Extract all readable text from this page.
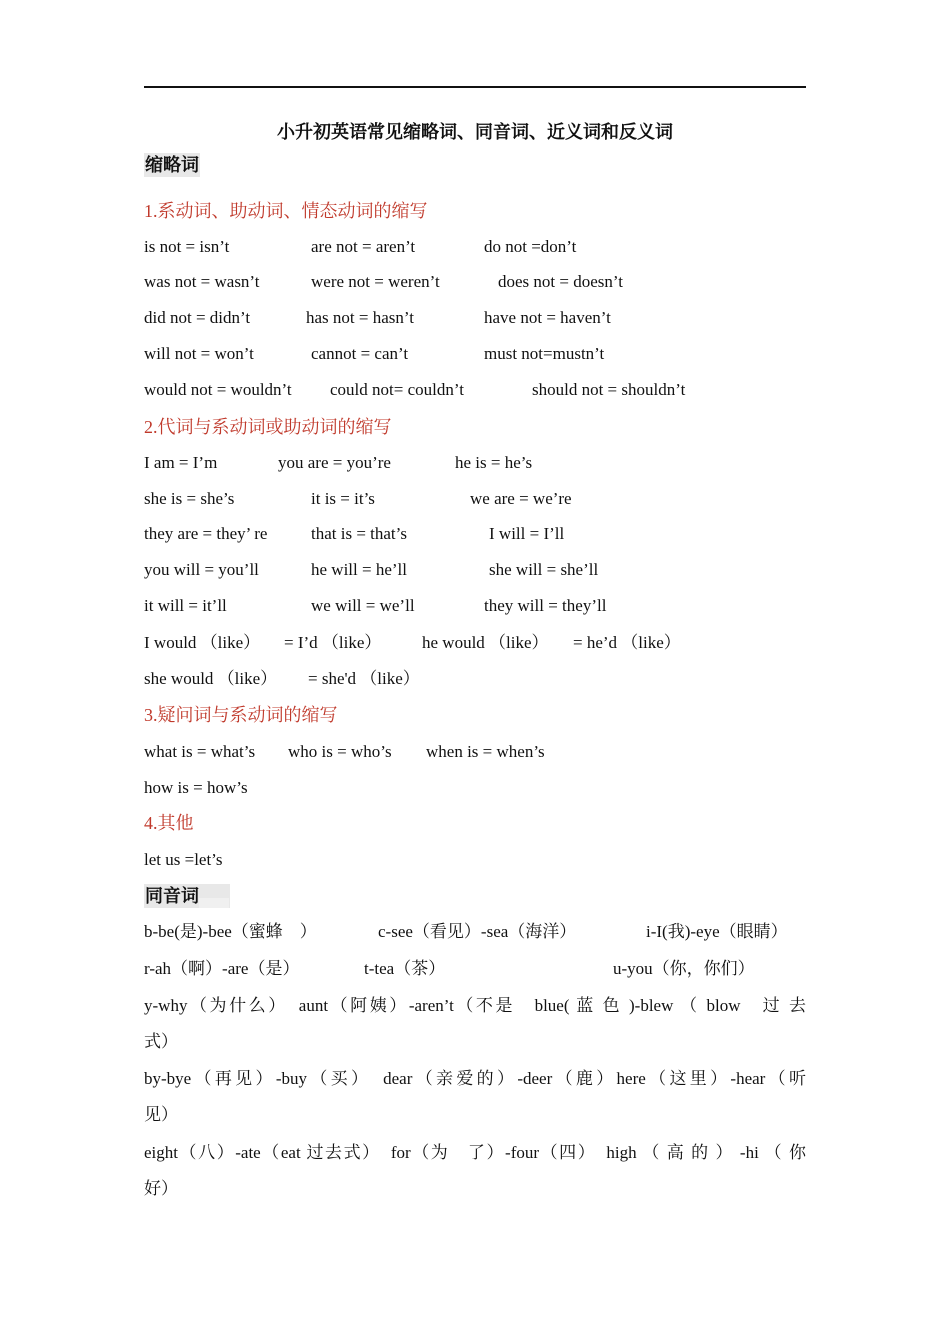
小升初英语常见缩略词、同音词、近义词和反义词
缩略词
1.系动词、助动词、情态动词的缩写
is not = isn’t	are not = aren’t	do not =don’t
was not = wasn’t	were not = weren’t	does not = doesn’t
did not = didn’t	has not = hasn’t	have not = haven’t
will not = won’t	cannot = can’t	must not=mustn’t
would not = wouldn’t could not= couldn’t	should not = shouldn’t
2.代词与系动词或助动词的缩写
I am = I’m	you are = you’re	he is = he’s
she is = she’s	it is = it’s	we are = we’re
they are = they’ re	that is = that’s	I will = I’ll
you will = you’ll	he will = he’ll	she will = she’ll
it will = it’ll	we will = we’ll	they will = they’ll
I would （like） = I’d （like） he would （like） = he’d （like）
she would （like） = she'd （like）
3.疑问词与系动词的缩写
what is = what’s who is = who’s when is = when’s
how is = how’s
4.其他
let us =let’s
同音词
b-be(是)-bee（蜜蜂　）	c-see（看见）-sea（海洋）	i-I(我)-eye（眼睛）
r-ah（啊）-are（是）	t-tea（茶）	u-you（你，你们）
y-why（为什么）　aunt（阿姨）-aren’t（不是　blue( 蓝 色 )-blew （ blow　过 去
式）
by-bye（再见）-buy（买）　dear（亲爱的）-deer（鹿）here（这里）-hear（听
见）
eight（八）-ate（eat 过去式）　for（为　了）-four（四）　high （ 高 的 ） -hi （ 你
好）
